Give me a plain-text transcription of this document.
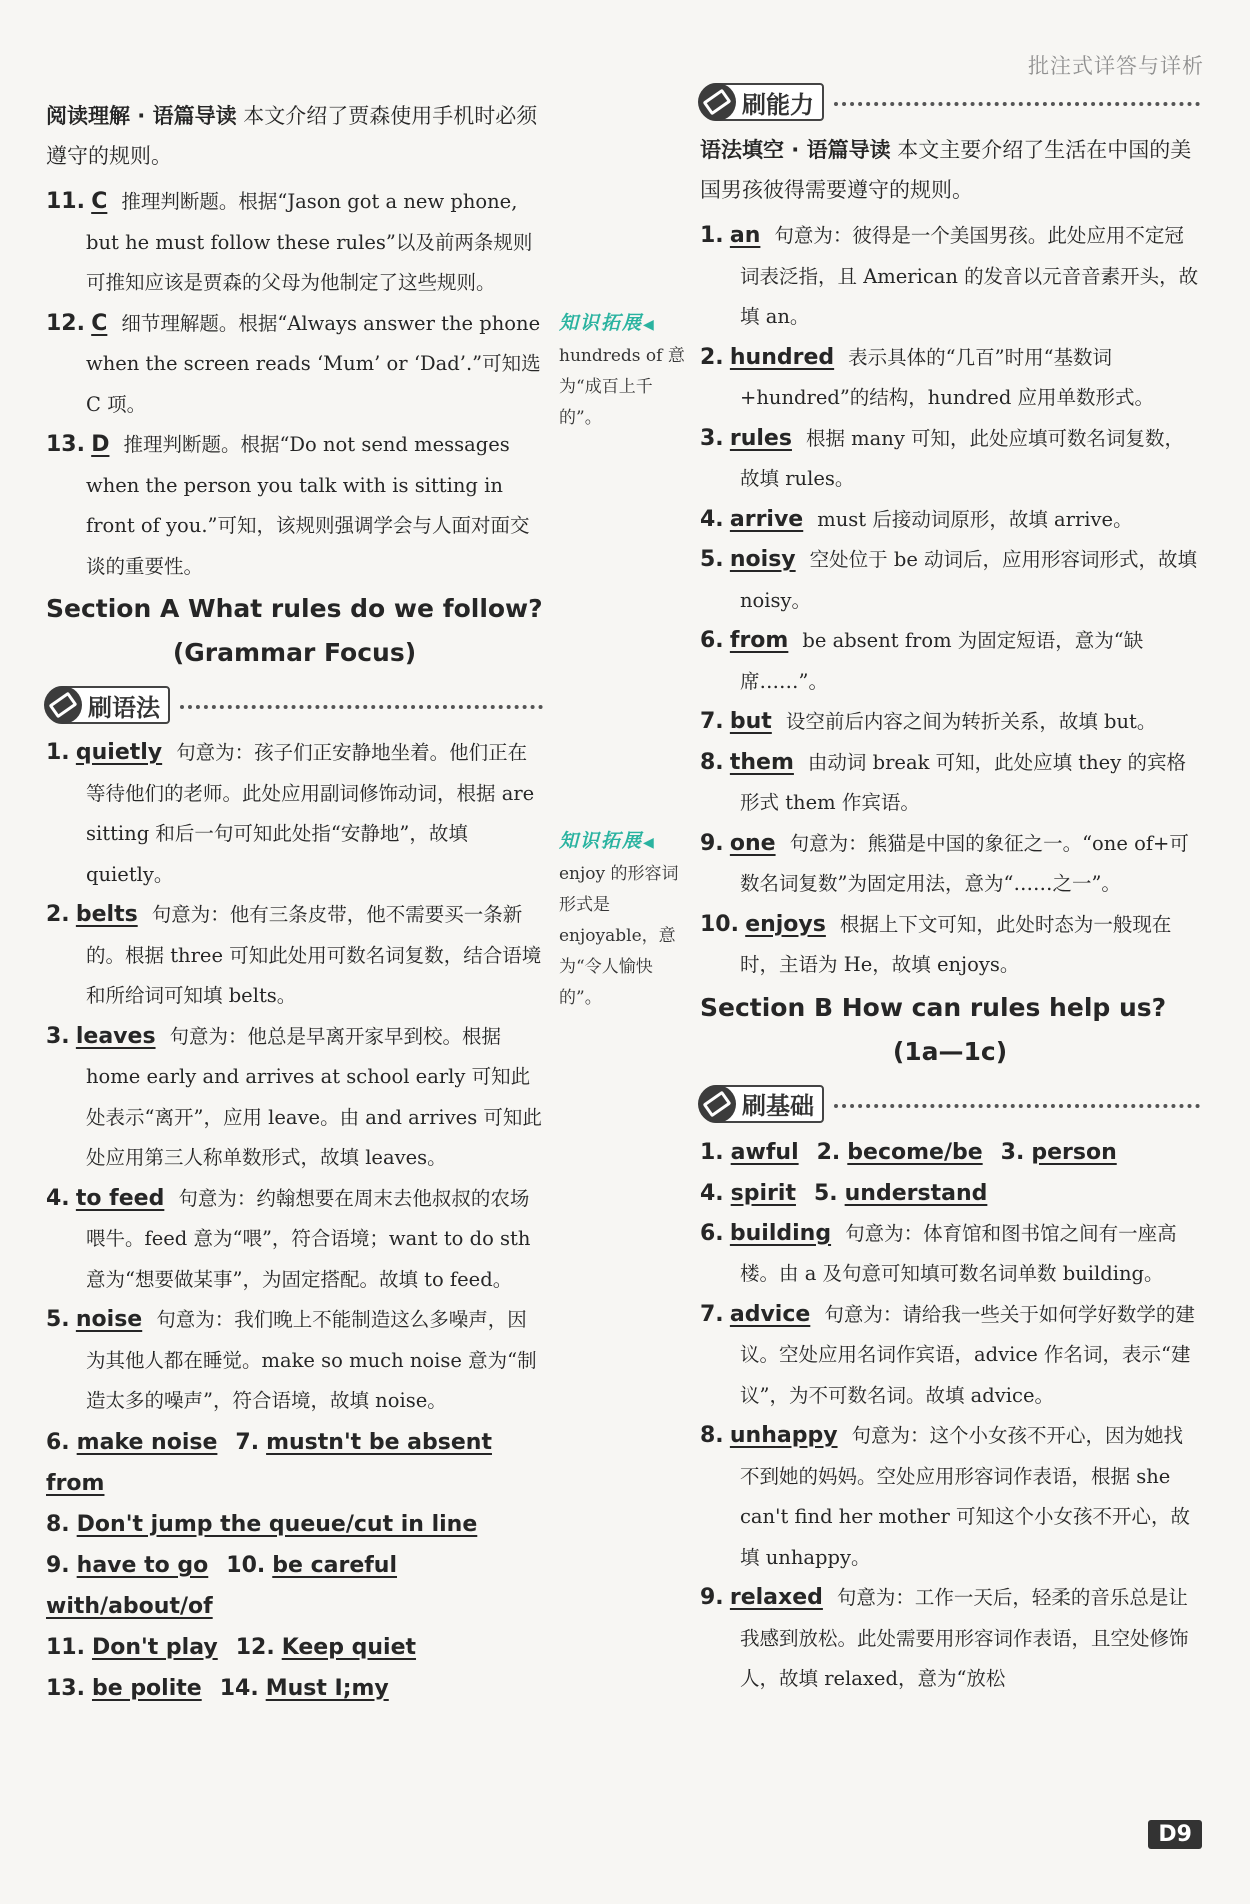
批注式详答与详析
阅读理解 · 语篇导读 本文介绍了贾森使用手机时必须遵守的规则。
11. C 推理判断题。根据“Jason got a new phone, but he must follow these rules”以及前两条规则可推知应该是贾森的父母为他制定了这些规则。
12. C 细节理解题。根据“Always answer the phone when the screen reads ‘Mum’ or ‘Dad’.”可知选 C 项。
13. D 推理判断题。根据“Do not send messages when the person you talk with is sitting in front of you.”可知，该规则强调学会与人面对面交谈的重要性。
Section A What rules do we follow?
(Grammar Focus)
刷语法
1. quietly 句意为：孩子们正安静地坐着。他们正在等待他们的老师。此处应用副词修饰动词，根据 are sitting 和后一句可知此处指“安静地”，故填 quietly。
2. belts 句意为：他有三条皮带，他不需要买一条新的。根据 three 可知此处用可数名词复数，结合语境和所给词可知填 belts。
3. leaves 句意为：他总是早离开家早到校。根据 home early and arrives at school early 可知此处表示“离开”，应用 leave。由 and arrives 可知此处应用第三人称单数形式，故填 leaves。
4. to feed 句意为：约翰想要在周末去他叔叔的农场喂牛。feed 意为“喂”，符合语境；want to do sth 意为“想要做某事”，为固定搭配。故填 to feed。
5. noise 句意为：我们晚上不能制造这么多噪声，因为其他人都在睡觉。make so much noise 意为“制造太多的噪声”，符合语境，故填 noise。
6. make noise 7. mustn't be absent from
8. Don't jump the queue/cut in line
9. have to go 10. be careful with/about/of
11. Don't play 12. Keep quiet
13. be polite 14. Must I;my
知识拓展 ◀
hundreds of 意为“成百上千的”。
知识拓展 ◀
enjoy 的形容词形式是 enjoyable，意为“令人愉快的”。
刷能力
语法填空 · 语篇导读 本文主要介绍了生活在中国的美国男孩彼得需要遵守的规则。
1. an 句意为：彼得是一个美国男孩。此处应用不定冠词表泛指，且 American 的发音以元音音素开头，故填 an。
2. hundred 表示具体的“几百”时用“基数词+hundred”的结构，hundred 应用单数形式。
3. rules 根据 many 可知，此处应填可数名词复数，故填 rules。
4. arrive must 后接动词原形，故填 arrive。
5. noisy 空处位于 be 动词后，应用形容词形式，故填 noisy。
6. from be absent from 为固定短语，意为“缺席……”。
7. but 设空前后内容之间为转折关系，故填 but。
8. them 由动词 break 可知，此处应填 they 的宾格形式 them 作宾语。
9. one 句意为：熊猫是中国的象征之一。“one of+可数名词复数”为固定用法，意为“……之一”。
10. enjoys 根据上下文可知，此处时态为一般现在时，主语为 He，故填 enjoys。
Section B How can rules help us?
(1a—1c)
刷基础
1. awful 2. become/be 3. person
4. spirit 5. understand
6. building 句意为：体育馆和图书馆之间有一座高楼。由 a 及句意可知填可数名词单数 building。
7. advice 句意为：请给我一些关于如何学好数学的建议。空处应用名词作宾语，advice 作名词，表示“建议”，为不可数名词。故填 advice。
8. unhappy 句意为：这个小女孩不开心，因为她找不到她的妈妈。空处应用形容词作表语，根据 she can't find her mother 可知这个小女孩不开心，故填 unhappy。
9. relaxed 句意为：工作一天后，轻柔的音乐总是让我感到放松。此处需要用形容词作表语，且空处修饰人，故填 relaxed，意为“放松
D9
